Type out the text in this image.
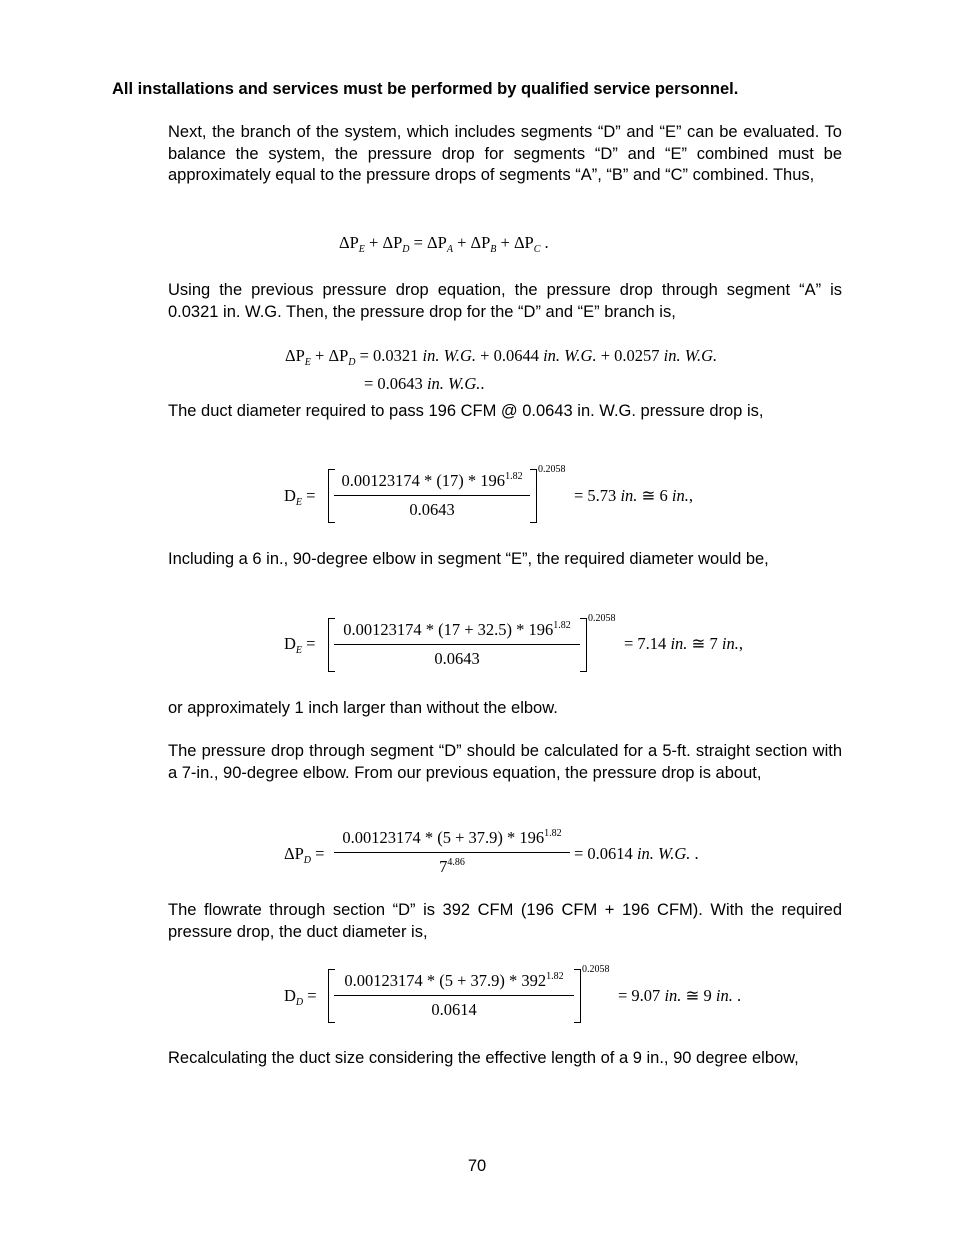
All installations and services must be performed by qualified service personnel.
Next, the branch of the system, which includes segments “D” and “E” can be evaluated. To balance the system, the pressure drop for segments “D” and “E” combined must be approximately equal to the pressure drops of segments “A”, “B” and “C” combined. Thus,
$\Delta P_E + \Delta P_D = \Delta P_A + \Delta P_B + \Delta P_C$ .
Using the previous pressure drop equation, the pressure drop through segment “A” is 0.0321 in. W.G. Then, the pressure drop for the “D” and “E” branch is,
$\Delta P_E + \Delta P_D = 0.0321$ in. W.G. + 0.0644 in. W.G. + 0.0257 in. W.G.
= 0.0643 in. W.G..
The duct diameter required to pass 196 CFM @ 0.0643 in. W.G. pressure drop is,
$D_E$ =
$0.00123174 * (17) * 196^{1.82}$
0.0643
0.2058
= 5.73 in. ≅ 6 in.,
Including a 6 in., 90-degree elbow in segment “E”, the required diameter would be,
$D_E$ =
$0.00123174 * (17 + 32.5) * 196^{1.82}$
0.0643
0.2058
= 7.14 in. ≅ 7 in.,
or approximately 1 inch larger than without the elbow.
The pressure drop through segment “D” should be calculated for a 5-ft. straight section with a 7-in., 90-degree elbow. From our previous equation, the pressure drop is about,
$\Delta P_D$ =
$0.00123174 * (5 + 37.9) * 196^{1.82}$
$7^{4.86}$	= 0.0614 in. W.G. .
The flowrate through section “D” is 392 CFM (196 CFM + 196 CFM). With the required pressure drop, the duct diameter is,
$D_D$ =
$0.00123174 * (5 + 37.9) * 392^{1.82}$
0.0614
0.2058
= 9.07 in. ≅ 9 in. .
Recalculating the duct size considering the effective length of a 9 in., 90 degree elbow,
70
